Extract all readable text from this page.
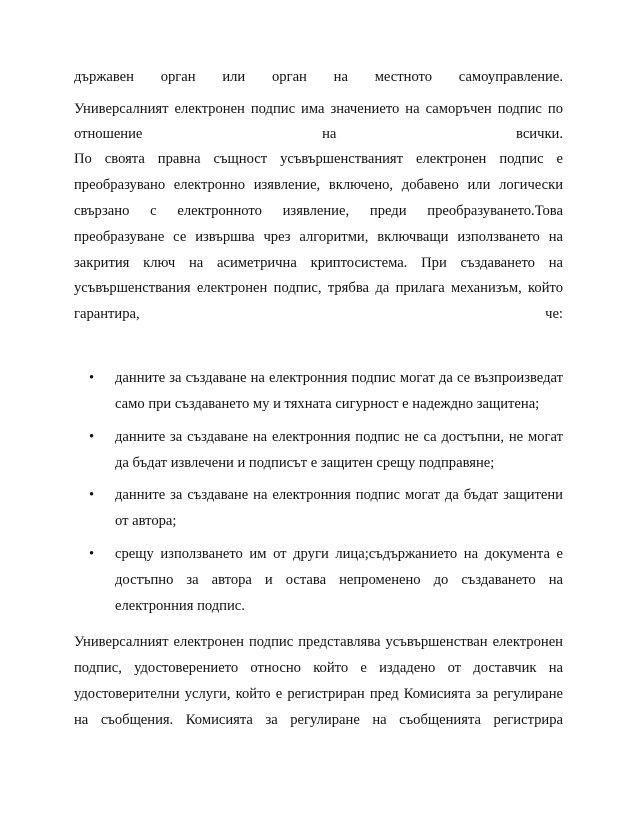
държавен орган или орган на местното самоуправление.
Универсалният електронен подпис има значението на саморъчен подпис по
отношение на всички.
По своята правна същност усъвършенстваният електронен подпис е
преобразувано електронно изявление, включено, добавено или логически
свързано с електронното изявление, преди преобразуването.Това
преобразуване се извършва чрез алгоритми, включващи използването на
закрития ключ на асиметрична криптосистема. При създаването на
усъвършенствания електронен подпис, трябва да прилага механизъм, който
гарантира, че:
• данните за създаване на електронния подпис могат да се възпроизведат
само при създаването му и тяхната сигурност е надеждно защитена;
• данните за създаване на електронния подпис не са достъпни, не могат
да бъдат извлечени и подписът е защитен срещу подправяне;
• данните за създаване на електронния подпис могат да бъдат защитени
от автора;
• срещу използването им от други лица;съдържанието на документа е
достъпно за автора и остава непроменено до създаването на
електронния подпис.
Универсалният електронен подпис представлява усъвършенстван електронен
подпис, удостоверението относно който е издадено от доставчик на
удостоверителни услуги, който е регистриран пред Комисията за регулиране
на съобщения. Комисията за регулиране на съобщенията регистрира
